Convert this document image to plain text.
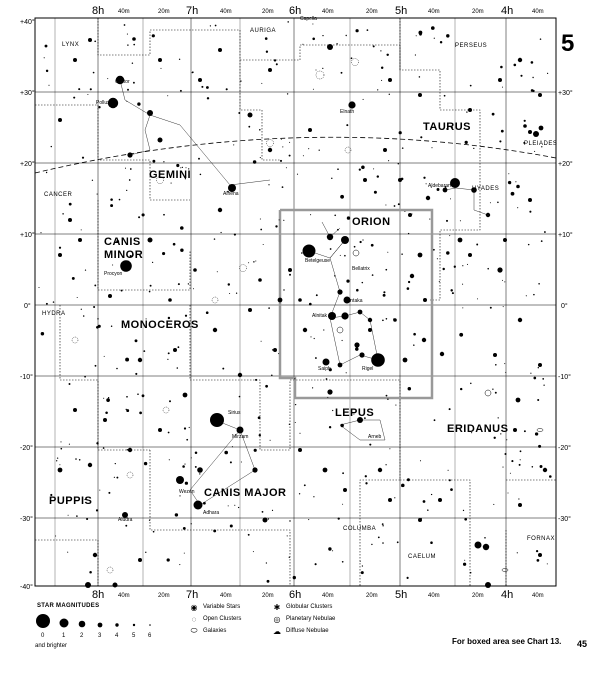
8h	7h	6h	5h	4h
8h	7h	6h	5h	4h
40m	20m	40m	20m	40m	20m	40m	20m	40m
40m	20m	40m	20m	40m	20m	40m	20m	40m
+40°
+30°
+20°
+10°
0°
-10°
-20°
-30°
-40°
+30°
+20°
+10°
0°
-10°
-20°
-30°
TAURUS
GEMINI
ORION
CANIS
MINOR
MONOCEROS
LEPUS
ERIDANUS
PUPPIS
CANIS MAJOR
LYNX
AURIGA
PERSEUS
CANCER
HYDRA
COLUMBA
CAELUM
FORNAX
PLEIADES
HYADES
Castor
Pollux
Capella
Elnath
Aldebaran
Alhena
Betelgeuse
Bellatrix
Procyon
Mintaka
Alnitak
Saiph	Rigel
Sirius
Mirzam	Arneb
Wezen
Adhara
Aludra
5
45
For boxed area see Chart 13.
STAR MAGNITUDES
0	1 2 3 4 5 6
and brighter
◉ Variable Stars
◌	Open Clusters
⬭ Galaxies
✱ Globular Clusters
◎ Planetary Nebulae
☁ Diffuse Nebulae
